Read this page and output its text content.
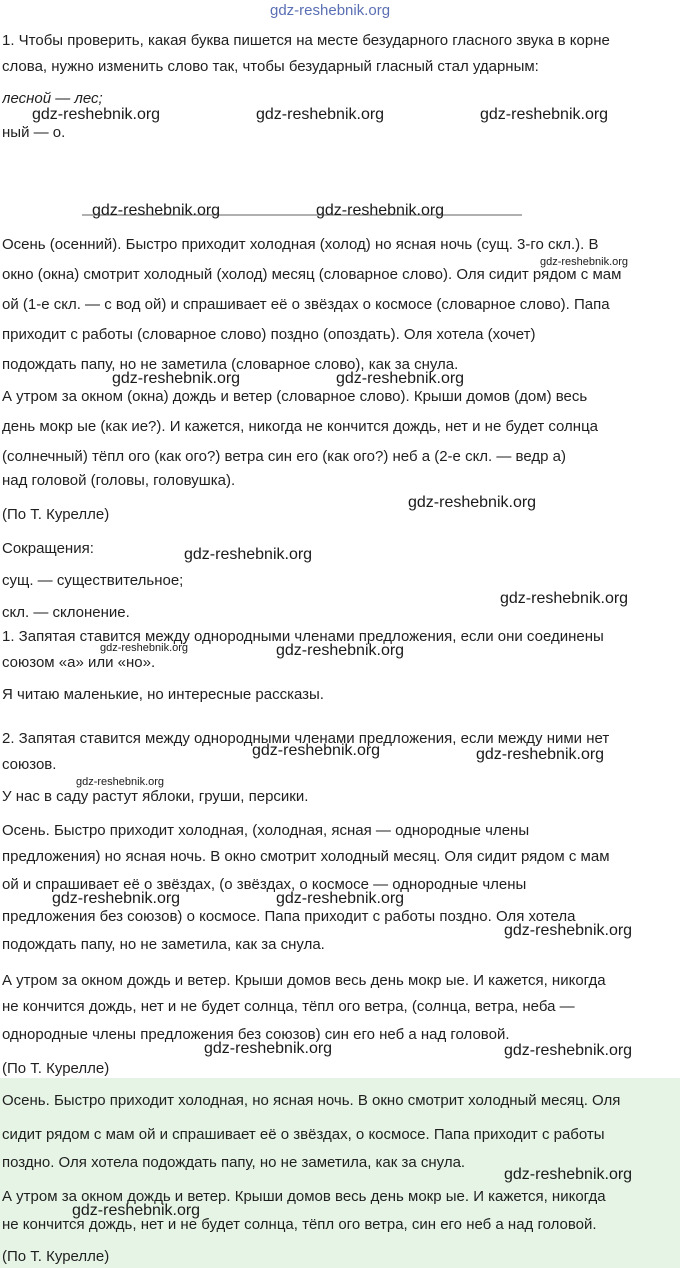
gdz-reshebnik.org
1. Чтобы проверить, какая буква пишется на месте безударного гласного звука в корне
слова, нужно изменить слово так, чтобы безударный гласный стал ударным:
лесной — лес;
ный — о.
Осень (осенний). Быстро приходит холодная (холод) но ясная ночь (сущ. 3-го скл.). В
окно (окна) смотрит холодный (холод) месяц (словарное слово). Оля сидит рядом с мам
ой (1-е скл. — с вод ой) и спрашивает её о звёздах о космосе (словарное слово). Папа
приходит с работы (словарное слово) поздно (опоздать). Оля хотела (хочет)
подождать папу, но не заметила (словарное слово), как за снула.
А утром за окном (окна) дождь и ветер (словарное слово). Крыши домов (дом) весь
день мокр ые (как ие?). И кажется, никогда не кончится дождь, нет и не будет солнца
(солнечный) тёпл ого (как ого?) ветра син его (как ого?) неб а (2-е скл. — ведр а)
над головой (головы, головушка).
(По Т. Курелле)
Сокращения:
сущ. — существительное;
скл. — склонение.
1. Запятая ставится между однородными членами предложения, если они соединены
союзом «а» или «но».
Я читаю маленькие, но интересные рассказы.
2. Запятая ставится между однородными членами предложения, если между ними нет
союзов.
У нас в саду растут яблоки, груши, персики.
Осень. Быстро приходит холодная, (холодная, ясная — однородные члены
предложения) но ясная ночь. В окно смотрит холодный месяц. Оля сидит рядом с мам
ой и спрашивает её о звёздах, (о звёздах, о космосе — однородные члены
предложения без союзов) о космосе. Папа приходит с работы поздно. Оля хотела
подождать папу, но не заметила, как за снула.
А утром за окном дождь и ветер. Крыши домов весь день мокр ые. И кажется, никогда
не кончится дождь, нет и не будет солнца, тёпл ого ветра, (солнца, ветра, неба —
однородные члены предложения без союзов) син его неб а над головой.
(По Т. Курелле)
Осень. Быстро приходит холодная, но ясная ночь. В окно смотрит холодный месяц. Оля
сидит рядом с мам ой и спрашивает её о звёздах, о космосе. Папа приходит с работы
поздно. Оля хотела подождать папу, но не заметила, как за снула.
А утром за окном дождь и ветер. Крыши домов весь день мокр ые. И кажется, никогда
не кончится дождь, нет и не будет солнца, тёпл ого ветра, син его неб а над головой.
(По Т. Курелле)
gdz-reshebnik.org	gdz-reshebnik.org	gdz-reshebnik.org
gdz-reshebnik.org	gdz-reshebnik.org
gdz-reshebnik.org
gdz-reshebnik.org	gdz-reshebnik.org
gdz-reshebnik.org
gdz-reshebnik.org
gdz-reshebnik.org
gdz-reshebnik.org	gdz-reshebnik.org
gdz-reshebnik.org	gdz-reshebnik.org
gdz-reshebnik.org
gdz-reshebnik.org	gdz-reshebnik.org
gdz-reshebnik.org
gdz-reshebnik.org	gdz-reshebnik.org
gdz-reshebnik.org
gdz-reshebnik.org
